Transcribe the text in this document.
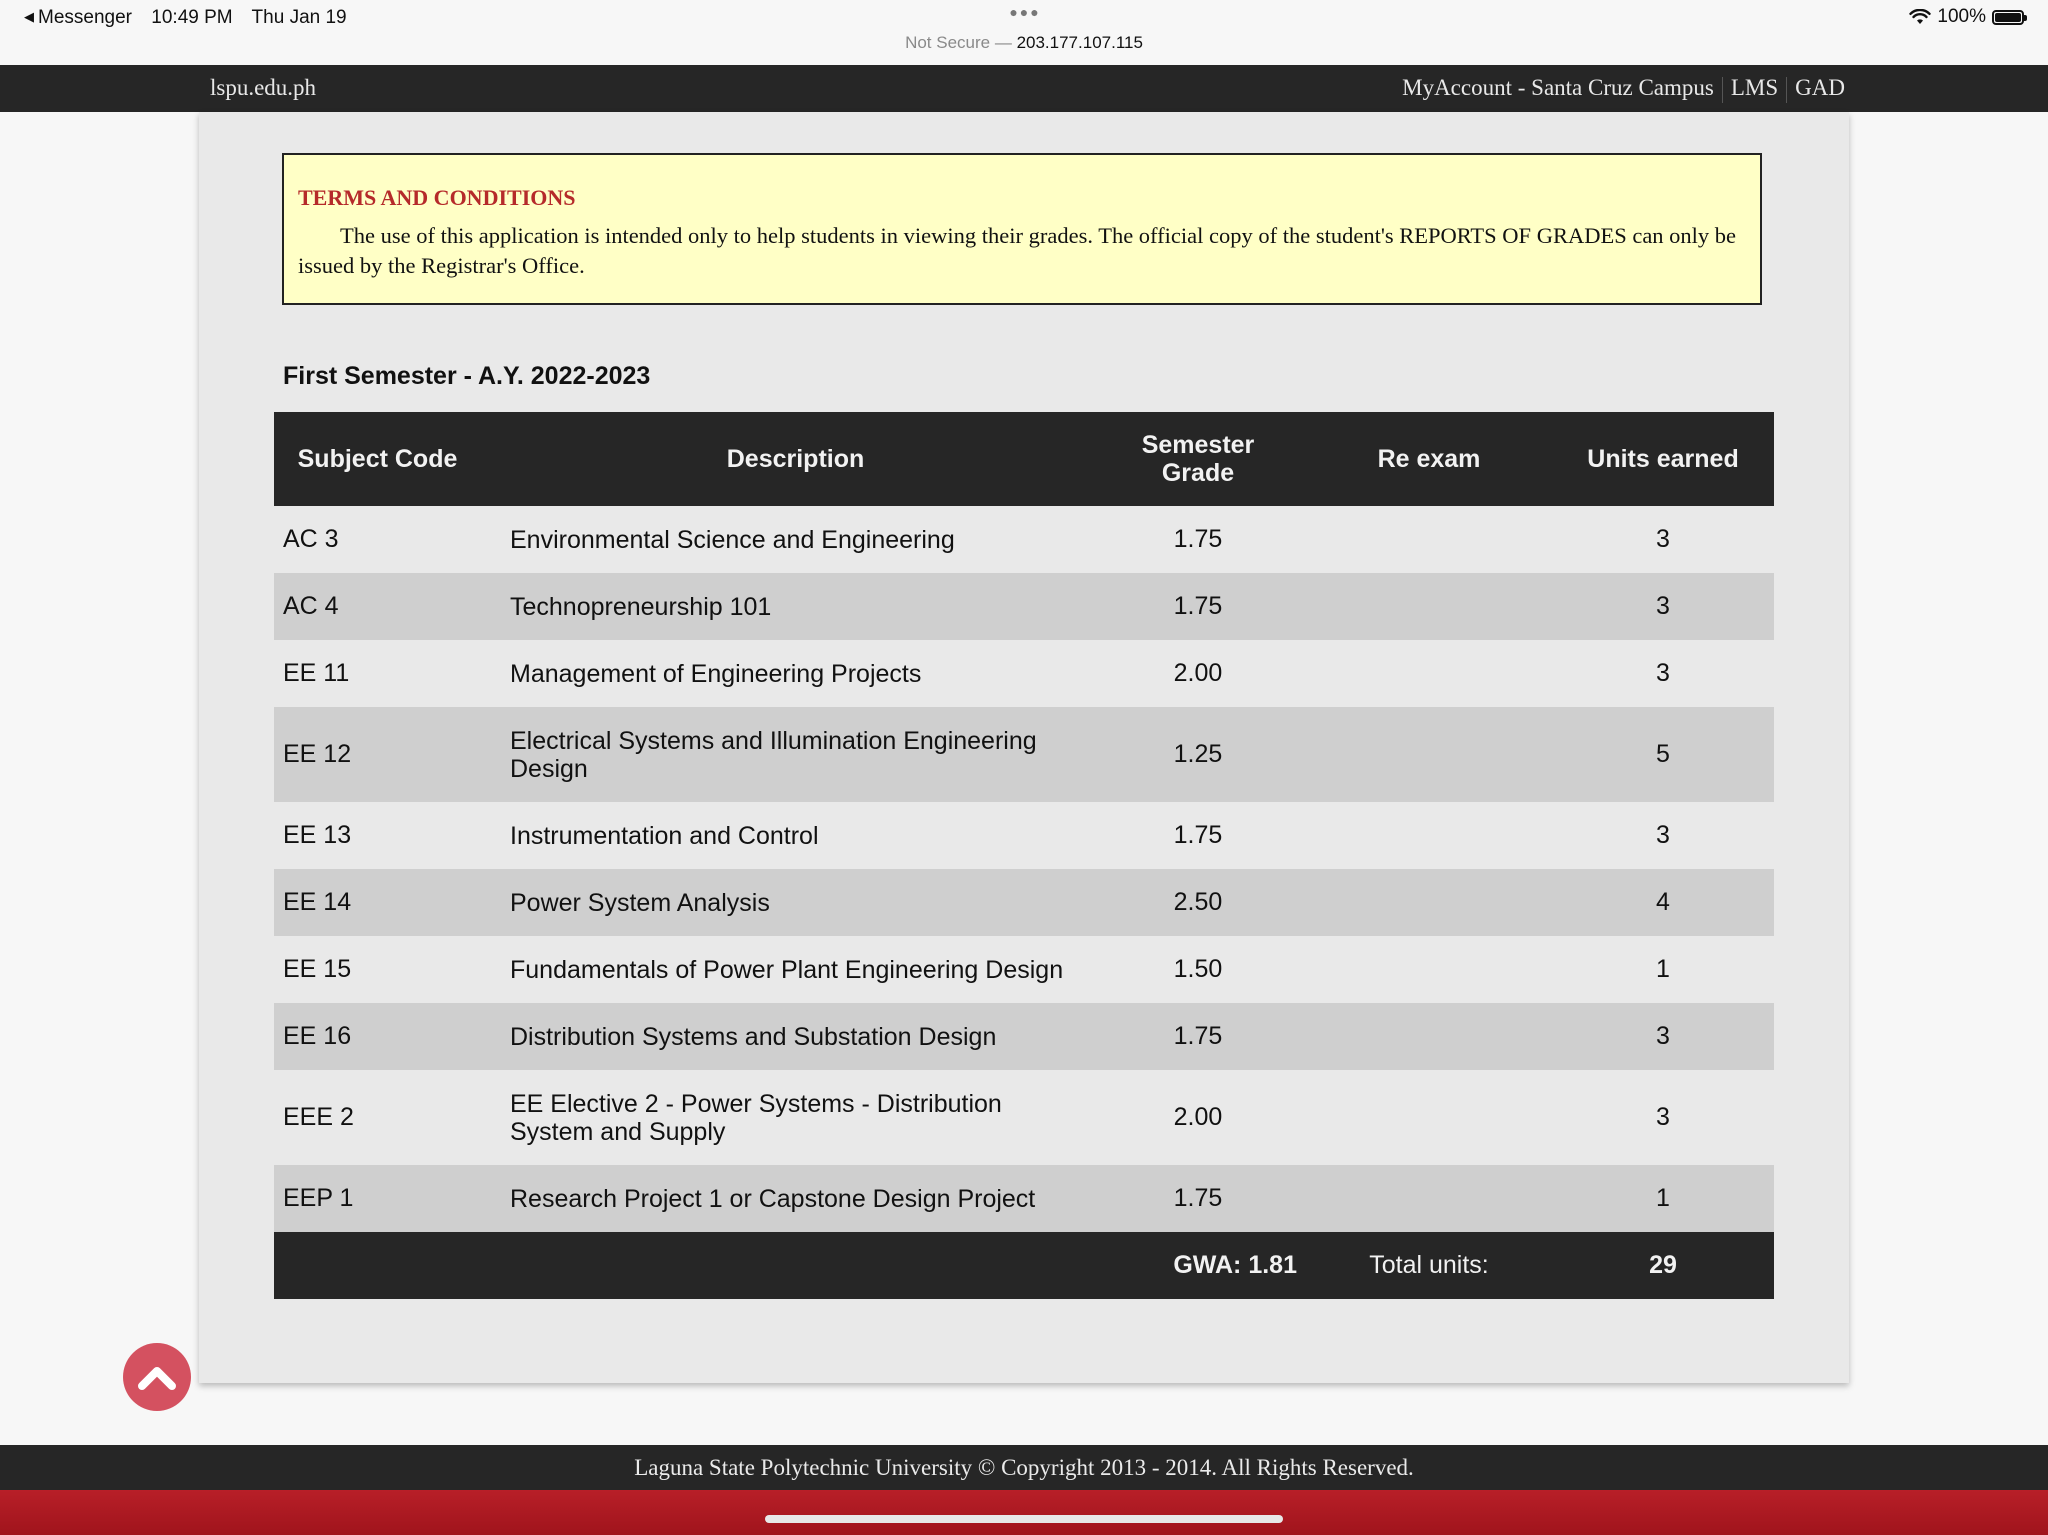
◀ Messenger 10:49 PM Thu Jan 19	●●●
Not Secure — 203.177.107.115
100%
lspu.edu.ph	MyAccount - Santa Cruz Campus LMS GAD

TERMS AND CONDITIONS

The use of this application is intended only to help students in viewing their grades. The official copy of the student's REPORTS OF GRADES can only be issued by the Registrar's Office.

First Semester - A.Y. 2022-2023
Subject Code	Description	Semester Grade	Re exam	Units earned
AC 3	Environmental Science and Engineering	1.75		3
AC 4	Technopreneurship 101	1.75		3
EE 11	Management of Engineering Projects	2.00		3
EE 12	Electrical Systems and Illumination Engineering Design	1.25		5
EE 13	Instrumentation and Control	1.75		3
EE 14	Power System Analysis	2.50		4
EE 15	Fundamentals of Power Plant Engineering Design	1.50		1
EE 16	Distribution Systems and Substation Design	1.75		3
EEE 2	EE Elective 2 - Power Systems - Distribution System and Supply	2.00		3
EEP 1	Research Project 1 or Capstone Design Project	1.75		1
		GWA: 1.81	Total units:	29
Laguna State Polytechnic University © Copyright 2013 - 2014. All Rights Reserved.
